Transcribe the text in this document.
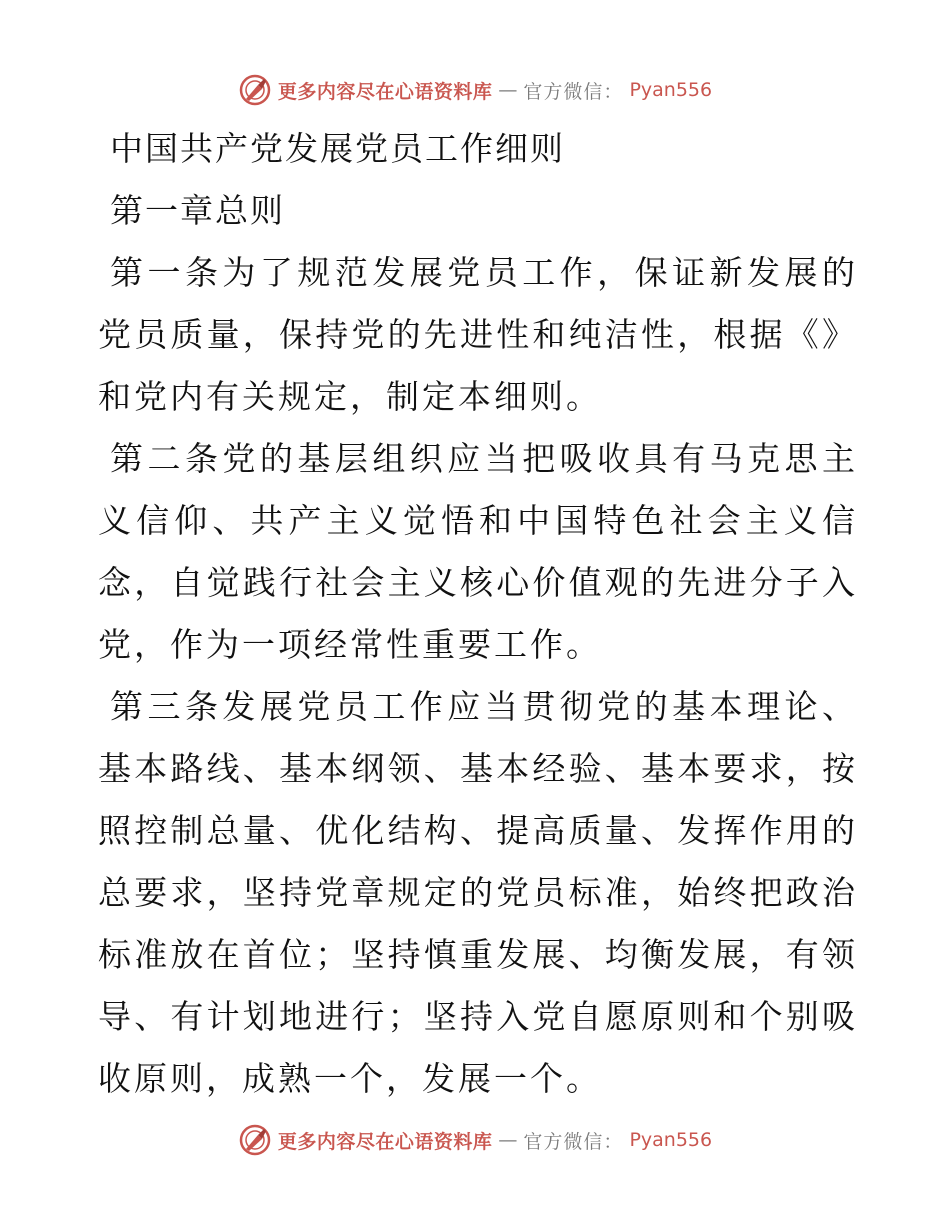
更多内容尽在心语资料库 — 官方微信： Pyan556
中国共产党发展党员工作细则
第一章总则

第一条为了规范发展党员工作，保证新发展的党员质量，保持党的先进性和纯洁性，根据《》和党内有关规定，制定本细则。

第二条党的基层组织应当把吸收具有马克思主义信仰、共产主义觉悟和中国特色社会主义信念，自觉践行社会主义核心价值观的先进分子入党，作为一项经常性重要工作。

第三条发展党员工作应当贯彻党的基本理论、基本路线、基本纲领、基本经验、基本要求，按照控制总量、优化结构、提高质量、发挥作用的总要求，坚持党章规定的党员标准，始终把政治标准放在首位；坚持慎重发展、均衡发展，有领导、有计划地进行；坚持入党自愿原则和个别吸收原则，成熟一个，发展一个。

更多内容尽在心语资料库 — 官方微信： Pyan556
